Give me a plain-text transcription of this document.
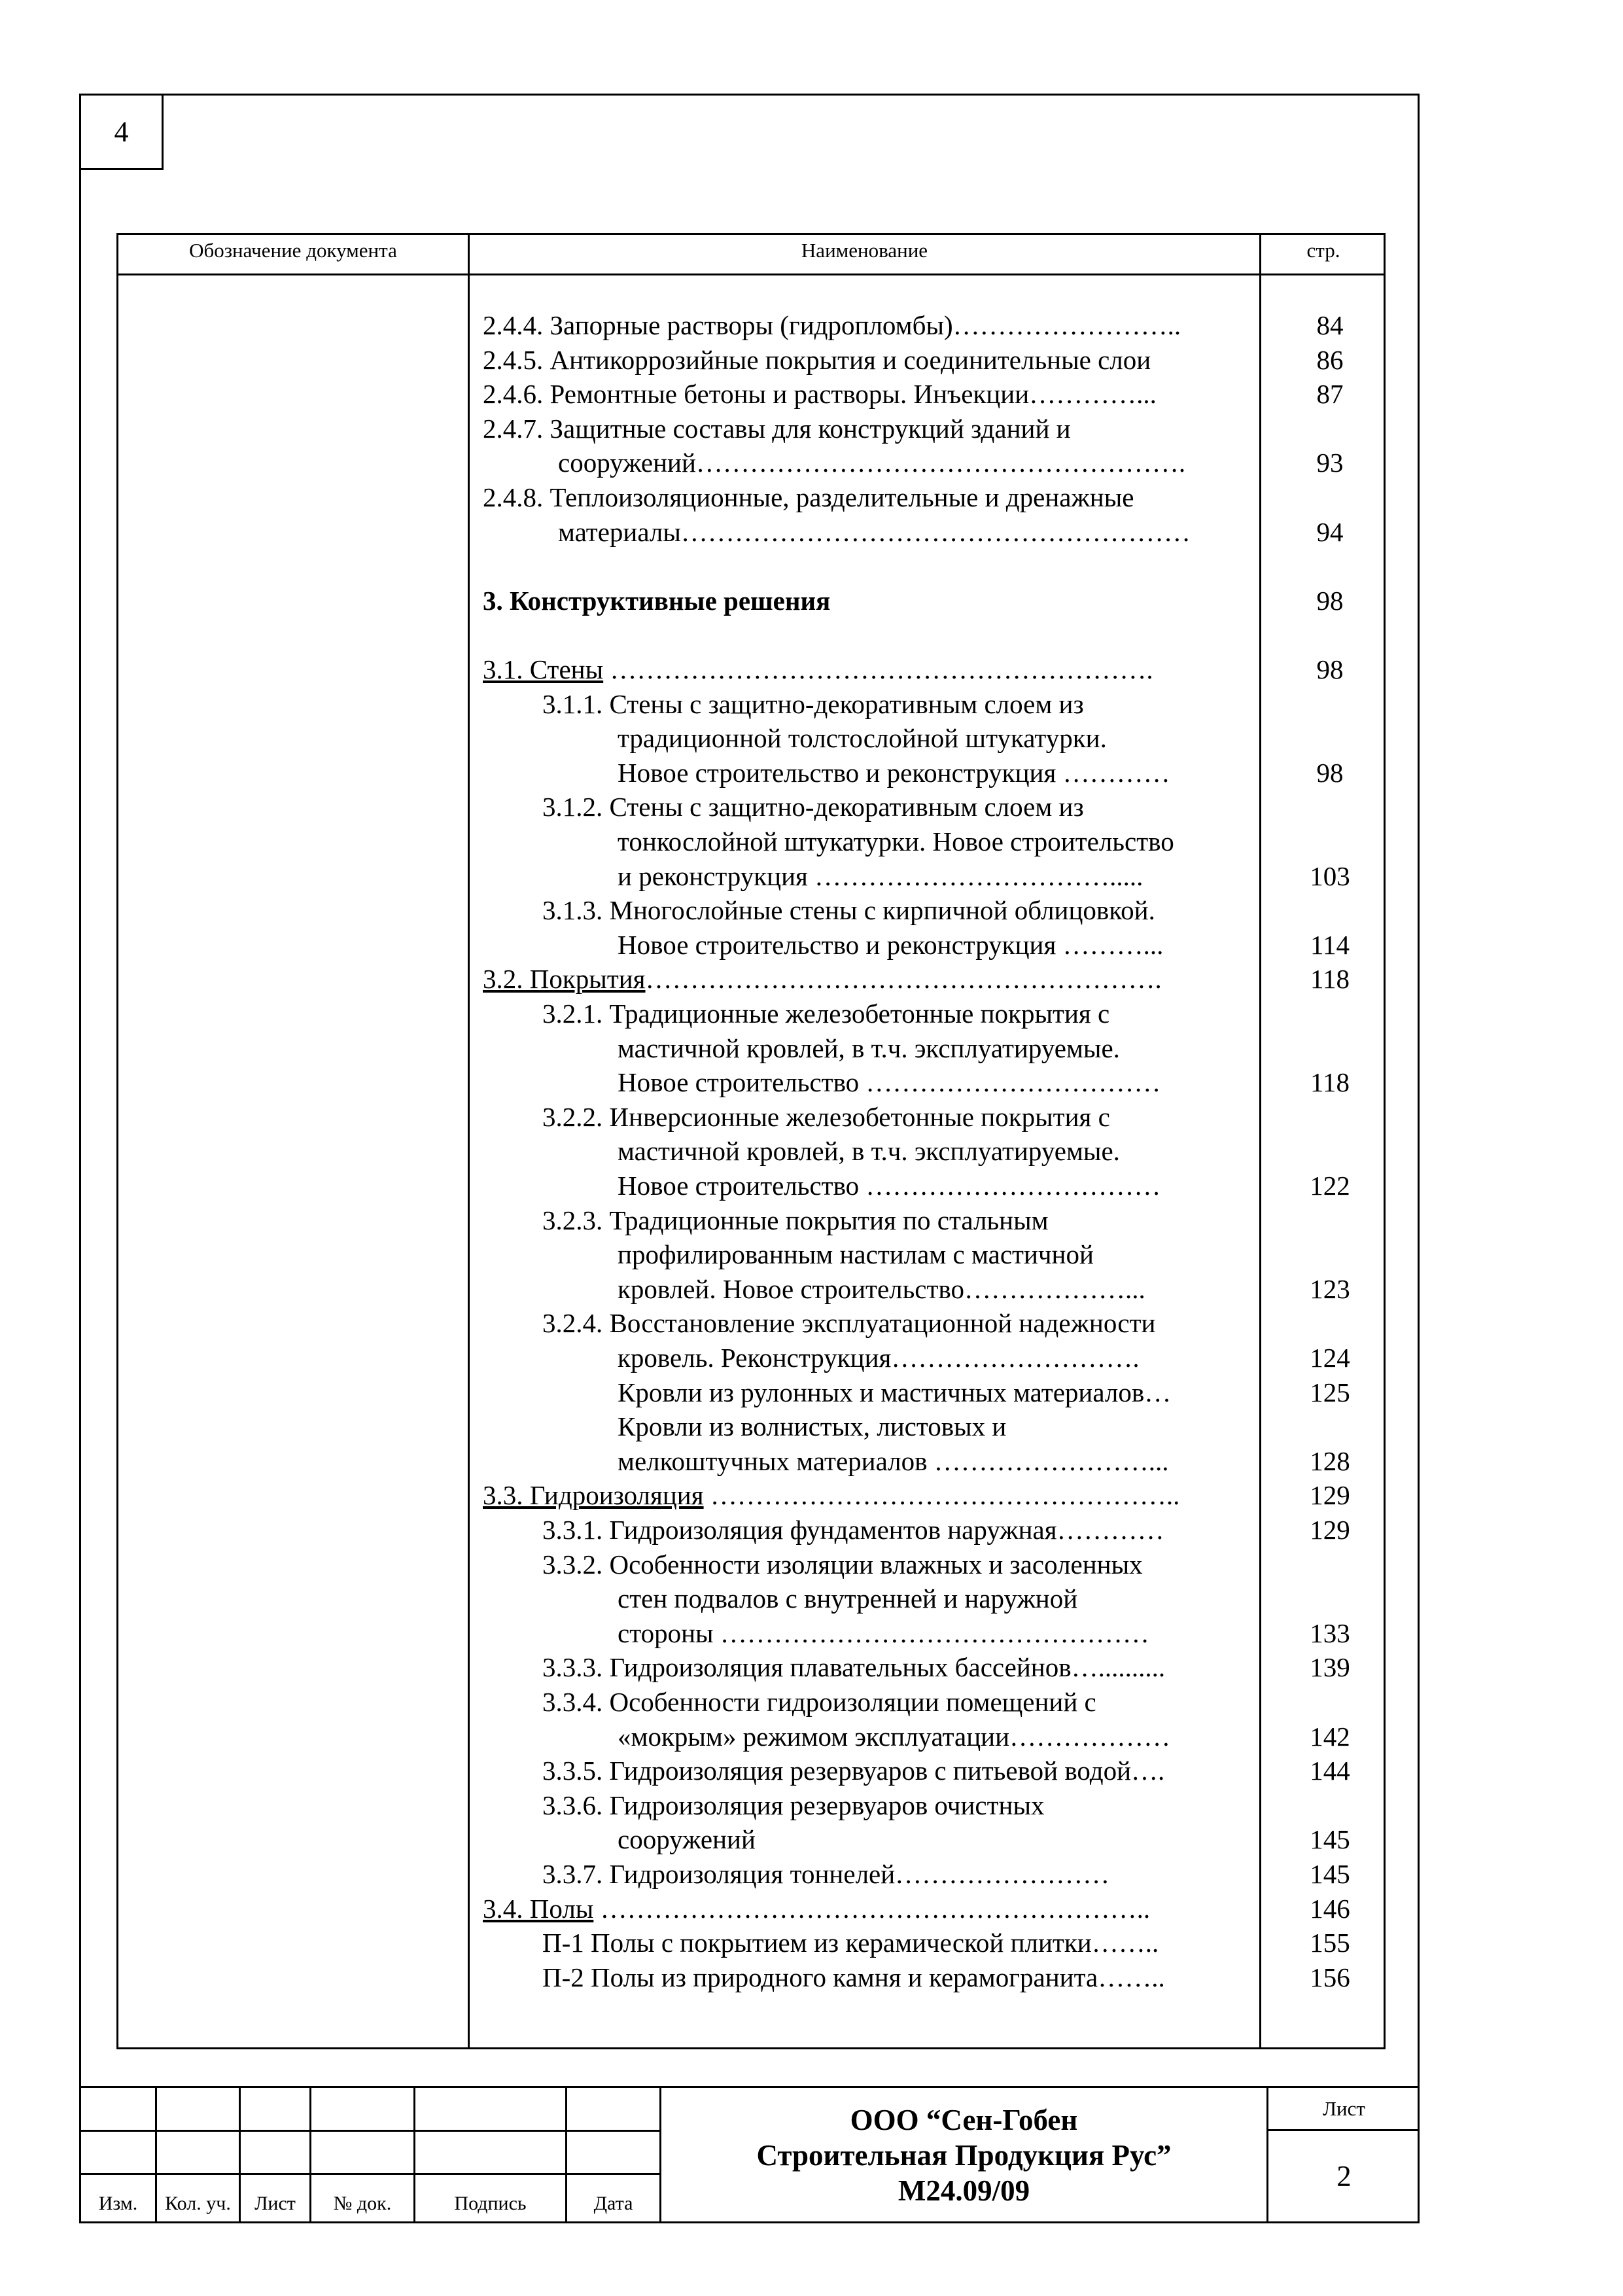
4
Обозначение документа	Наименование	стр.
2.4.4. Запорные растворы (гидропломбы)……………………..	84
2.4.5. Антикоррозийные покрытия и соединительные слои	86
2.4.6. Ремонтные бетоны и растворы. Инъекции…………...	87
2.4.7. Защитные составы для конструкций зданий и
сооружений……………………………………………….	93
2.4.8. Теплоизоляционные, разделительные и дренажные
материалы…………………………………………………	94
3. Конструктивные решения	98
3.1. Стены …………………………………………………….	98
3.1.1. Стены с защитно-декоративным слоем из
традиционной толстослойной штукатурки.
Новое строительство и реконструкция …………	98
3.1.2. Стены с защитно-декоративным слоем из
тонкослойной штукатурки. Новое строительство
и реконструкция …………………………….....	103
3.1.3. Многослойные стены с кирпичной облицовкой.
Новое строительство и реконструкция ………...	114
3.2. Покрытия………………………………………………….	118
3.2.1. Традиционные железобетонные покрытия с
мастичной кровлей, в т.ч. эксплуатируемые.
Новое строительство ……………………………	118
3.2.2. Инверсионные железобетонные покрытия с
мастичной кровлей, в т.ч. эксплуатируемые.
Новое строительство ……………………………	122
3.2.3. Традиционные покрытия по стальным
профилированным настилам с мастичной
кровлей. Новое строительство………………...	123
3.2.4. Восстановление эксплуатационной надежности
кровель. Реконструкция……………………….	124
Кровли из рулонных и мастичных материалов…	125
Кровли из волнистых, листовых и
мелкоштучных материалов ……………………...	128
3.3. Гидроизоляция ……………………………………………..	129
3.3.1. Гидроизоляция фундаментов наружная…………	129
3.3.2. Особенности изоляции влажных и засоленных
стен подвалов с внутренней и наружной
стороны …………………………………………	133
3.3.3. Гидроизоляция плавательных бассейнов…..........	139
3.3.4. Особенности гидроизоляции помещений с
«мокрым» режимом эксплуатации………………	142
3.3.5. Гидроизоляция резервуаров с питьевой водой….	144
3.3.6. Гидроизоляция резервуаров очистных
сооружений	145
3.3.7. Гидроизоляция тоннелей……………………	145
3.4. Полы ……………………………………………………..	146
П-1 Полы с покрытием из керамической плитки……..	155
П-2 Полы из природного камня и керамогранита……..	156
Изм.	Кол. уч.	Лист	№ док.	Подпись	Дата
ООО “Сен-Гобен
Строительная Продукция Рус”
М24.09/09
Лист
2
